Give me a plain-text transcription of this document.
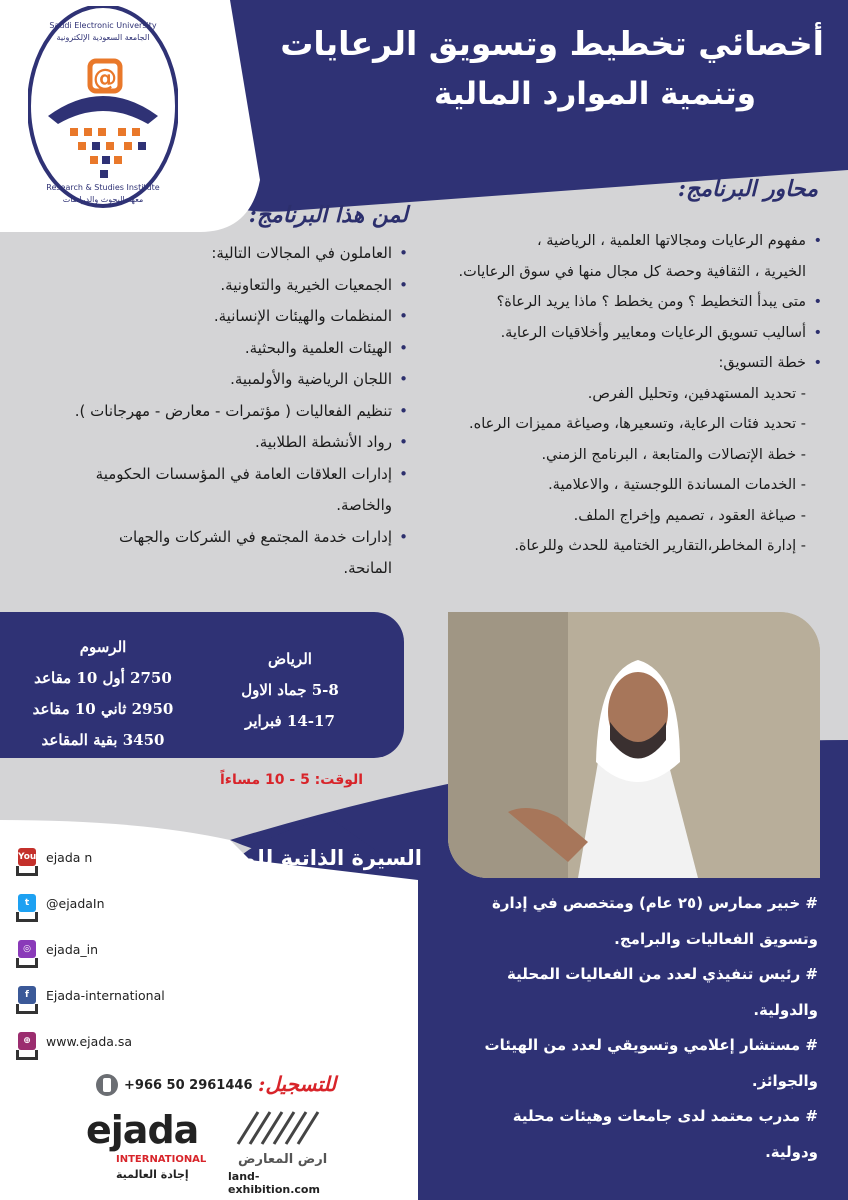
@
Saudi Electronic University
الجامعة السعودية الإلكترونية
Research & Studies Institute
معهد البحوث والدراسات
أخصائي تخطيط وتسويق الرعايات
وتنمية الموارد المالية
محاور البرنامج:
• مفهوم الرعايات ومجالاتها العلمية ، الرياضية ،
الخيرية ، الثقافية وحصة كل مجال منها في سوق الرعايات.
• متى يبدأ التخطيط ؟ ومن يخطط ؟ ماذا يريد الرعاة؟
• أساليب تسويق الرعايات ومعايير وأخلاقيات الرعاية.
• خطة التسويق:
- تحديد المستهدفين، وتحليل الفرص.
- تحديد فئات الرعاية، وتسعيرها، وصياغة مميزات الرعاه.
- خطة الإتصالات والمتابعة ، البرنامج الزمني.
- الخدمات المساندة اللوجستية ، والاعلامية.
- صياغة العقود ، تصميم وإخراج الملف.
- إدارة المخاطر،التقارير الختامية للحدث وللرعاة.
لمن هذا البرنامج:
• العاملون في المجالات التالية:
• الجمعيات الخيرية والتعاونية.
• المنظمات والهيئات الإنسانية.
• الهيئات العلمية والبحثية.
• اللجان الرياضية والأولمبية.
• تنظيم الفعاليات ( مؤتمرات - معارض - مهرجانات ).
• رواد الأنشطة الطلابية.
• إدارات العلاقات العامة في المؤسسات الحكومية
والخاصة.
• إدارات خدمة المجتمع في الشركات والجهات
المانحة.
الرسوم
2750 أول 10 مقاعد
2950 ثاني 10 مقاعد
3450 بقية المقاعد
الرياض
5-8 جماد الاول
14-17 فبراير
الوقت: 5 - 10 مساءاً
السيرة الذاتية للمدرب:
د / هانى العوفى	# خبير ممارس (٢٥ عام) ومتخصص في إدارة
وتسويق الفعاليات والبرامج.
# رئيس تنفيذي لعدد من الفعاليات المحلية
والدولية.
# مستشار إعلامي وتسويقي لعدد من الهيئات
والجوائز.
# مدرب معتمد لدى جامعات وهيئات محلية
ودولية.
You ejada n
t	@ejadaIn
◎	ejada_in
f	Ejada-international
⊕	www.ejada.sa
للتسجيل:
+966 50 2961446
ejada
INTERNATIONAL
إجادة العالمية
ارض المعارض
land-exhibition.com
